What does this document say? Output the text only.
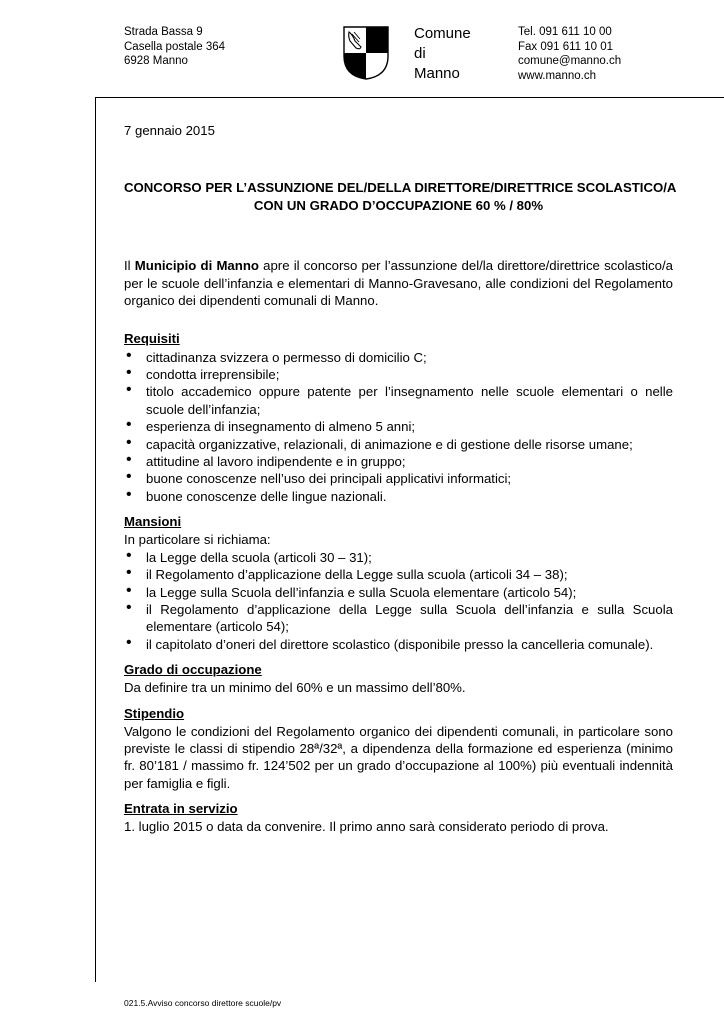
Strada Bassa 9
Casella postale 364
6928 Manno
Comune
di
Manno
Tel. 091 611 10 00
Fax 091 611 10 01
comune@manno.ch
www.manno.ch

7 gennaio 2015

CONCORSO PER L’ASSUNZIONE DEL/DELLA DIRETTORE/DIRETTRICE SCOLASTICO/A
CON UN GRADO D’OCCUPAZIONE 60 % / 80%

Il Municipio di Manno apre il concorso per l’assunzione del/la direttore/direttrice scolastico/a per le scuole dell’infanzia e elementari di Manno-Gravesano, alle condizioni del Regolamento organico dei dipendenti comunali di Manno.

Requisiti

• cittadinanza svizzera o permesso di domicilio C;
• condotta irreprensibile;
• titolo accademico oppure patente per l’insegnamento nelle scuole elementari o nelle scuole dell’infanzia;
• esperienza di insegnamento di almeno 5 anni;
• capacità organizzative, relazionali, di animazione e di gestione delle risorse umane;
• attitudine al lavoro indipendente e in gruppo;
• buone conoscenze nell’uso dei principali applicativi informatici;
• buone conoscenze delle lingue nazionali.

Mansioni

In particolare si richiama:

• la Legge della scuola (articoli 30 – 31);
• il Regolamento d’applicazione della Legge sulla scuola (articoli 34 – 38);
• la Legge sulla Scuola dell’infanzia e sulla Scuola elementare (articolo 54);
• il Regolamento d’applicazione della Legge sulla Scuola dell’infanzia e sulla Scuola elementare (articolo 54);
• il capitolato d’oneri del direttore scolastico (disponibile presso la cancelleria comunale).

Grado di occupazione

Da definire tra un minimo del 60% e un massimo dell’80%.

Stipendio

Valgono le condizioni del Regolamento organico dei dipendenti comunali, in particolare sono previste le classi di stipendio 28ª/32ª, a dipendenza della formazione ed esperienza (minimo fr. 80’181 / massimo fr. 124’502 per un grado d’occupazione al 100%) più eventuali indennità per famiglia e figli.

Entrata in servizio

1. luglio 2015 o data da convenire. Il primo anno sarà considerato periodo di prova.

021.5.Avviso concorso direttore scuole/pv
